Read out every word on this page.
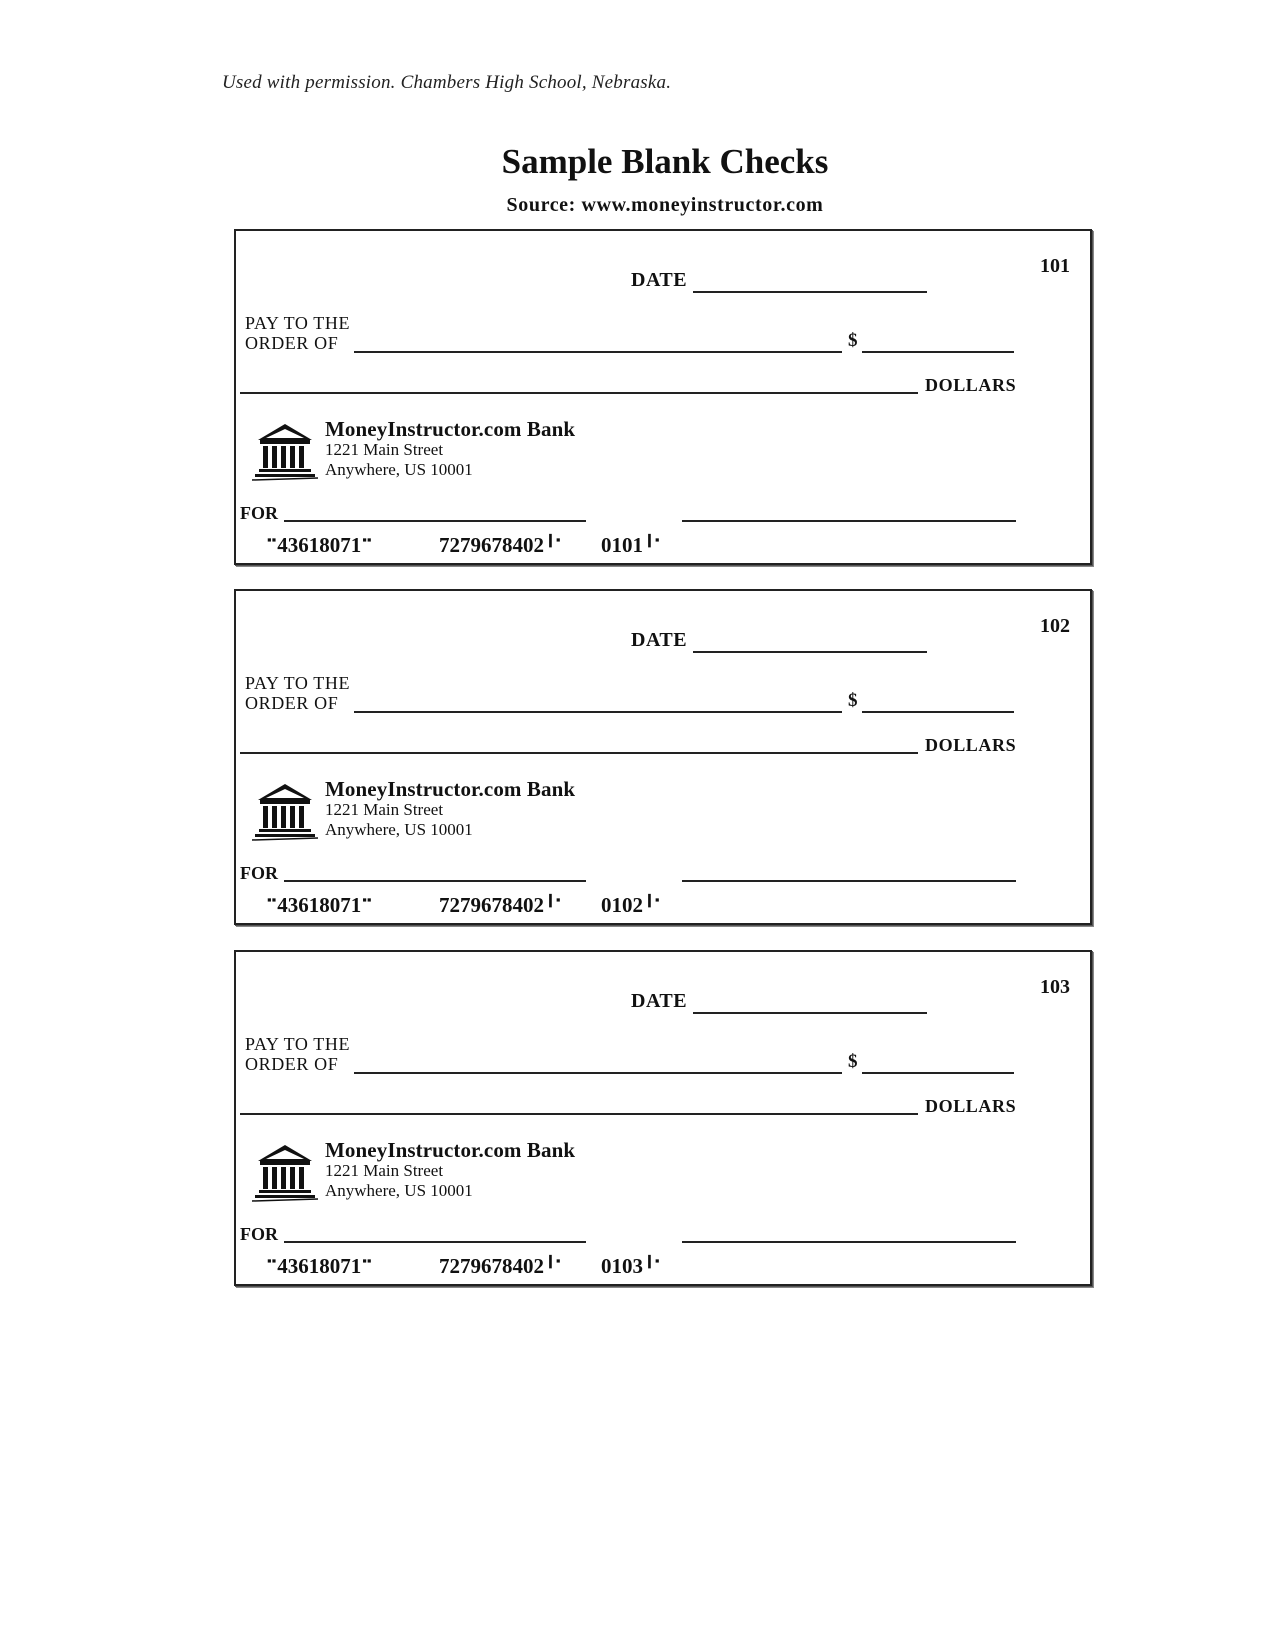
Used with permission. Chambers High School, Nebraska.
Sample Blank Checks
Source: www.moneyinstructor.com
101
DATE
PAY TO THE
ORDER OF	$
DOLLARS
MoneyInstructor.com Bank
1221 Main Street
Anywhere, US 10001
FOR
▪▪43618071▪▪	7279678402❙▪ 0101❙▪
102
DATE
PAY TO THE
ORDER OF	$
DOLLARS
MoneyInstructor.com Bank
1221 Main Street
Anywhere, US 10001
FOR
▪▪43618071▪▪	7279678402❙▪ 0102❙▪
103
DATE
PAY TO THE
ORDER OF	$
DOLLARS
MoneyInstructor.com Bank
1221 Main Street
Anywhere, US 10001
FOR
▪▪43618071▪▪	7279678402❙▪ 0103❙▪
